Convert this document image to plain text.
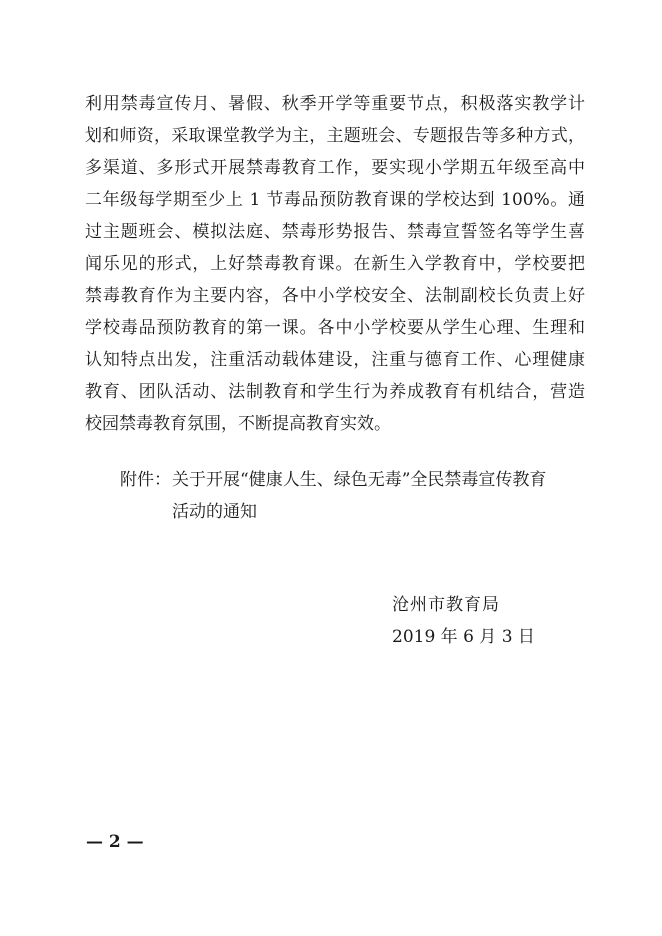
利用禁毒宣传月、暑假、秋季开学等重要节点，积极落实教学计
划和师资，采取课堂教学为主，主题班会、专题报告等多种方式，
多渠道、多形式开展禁毒教育工作，要实现小学期五年级至高中
二年级每学期至少上 1 节毒品预防教育课的学校达到 100%。通
过主题班会、模拟法庭、禁毒形势报告、禁毒宣誓签名等学生喜
闻乐见的形式，上好禁毒教育课。在新生入学教育中，学校要把
禁毒教育作为主要内容，各中小学校安全、法制副校长负责上好
学校毒品预防教育的第一课。各中小学校要从学生心理、生理和
认知特点出发，注重活动载体建设，注重与德育工作、心理健康
教育、团队活动、法制教育和学生行为养成教育有机结合，营造
校园禁毒教育氛围，不断提高教育实效。
附件： 关于开展“健康人生、绿色无毒”全民禁毒宣传教育
活动的通知
沧州市教育局
2019 年 6 月 3 日
— 2 —
